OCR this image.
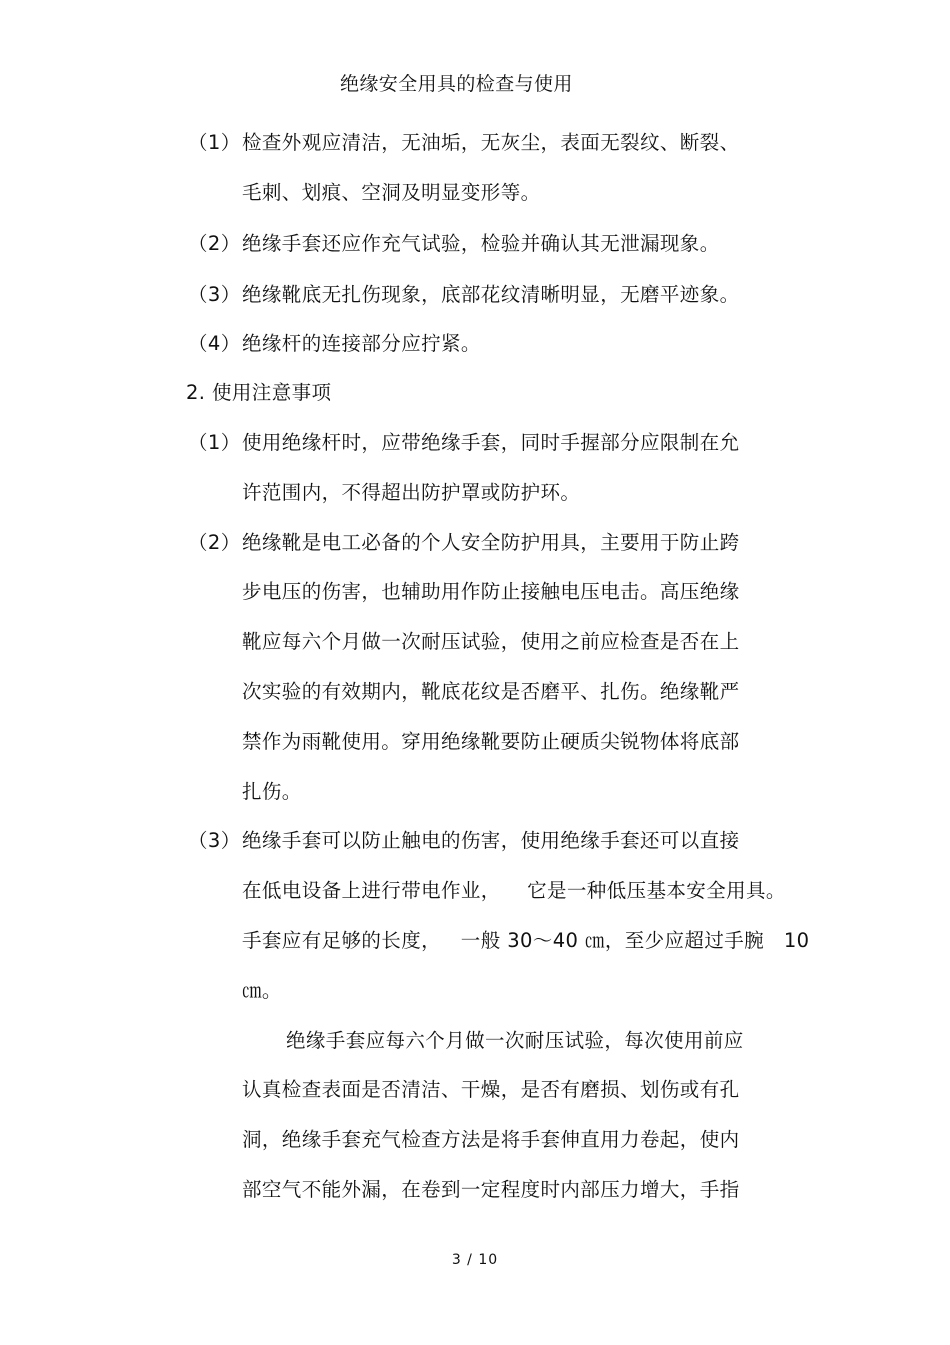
绝缘安全用具的检查与使用
（1） 检查外观应清洁，无油垢，无灰尘，表面无裂纹、断裂、
毛刺、划痕、空洞及明显变形等。
（2） 绝缘手套还应作充气试验，检验并确认其无泄漏现象。
（3） 绝缘靴底无扎伤现象，底部花纹清晰明显，无磨平迹象。
（4） 绝缘杆的连接部分应拧紧。
2. 使用注意事项
（1） 使用绝缘杆时，应带绝缘手套，同时手握部分应限制在允
许范围内，不得超出防护罩或防护环。
（2） 绝缘靴是电工必备的个人安全防护用具，主要用于防止跨
步电压的伤害，也辅助用作防止接触电压电击。高压绝缘
靴应每六个月做一次耐压试验，使用之前应检查是否在上
次实验的有效期内，靴底花纹是否磨平、扎伤。绝缘靴严
禁作为雨靴使用。穿用绝缘靴要防止硬质尖锐物体将底部
扎伤。
（3） 绝缘手套可以防止触电的伤害，使用绝缘手套还可以直接
在低电设备上进行带电作业，    它是一种低压基本安全用具。
手套应有足够的长度，   一般 30～40 ㎝，至少应超过手腕   10
㎝。
绝缘手套应每六个月做一次耐压试验，每次使用前应
认真检查表面是否清洁、干燥，是否有磨损、划伤或有孔
洞，绝缘手套充气检查方法是将手套伸直用力卷起，使内
部空气不能外漏，在卷到一定程度时内部压力增大，手指
3 / 10
